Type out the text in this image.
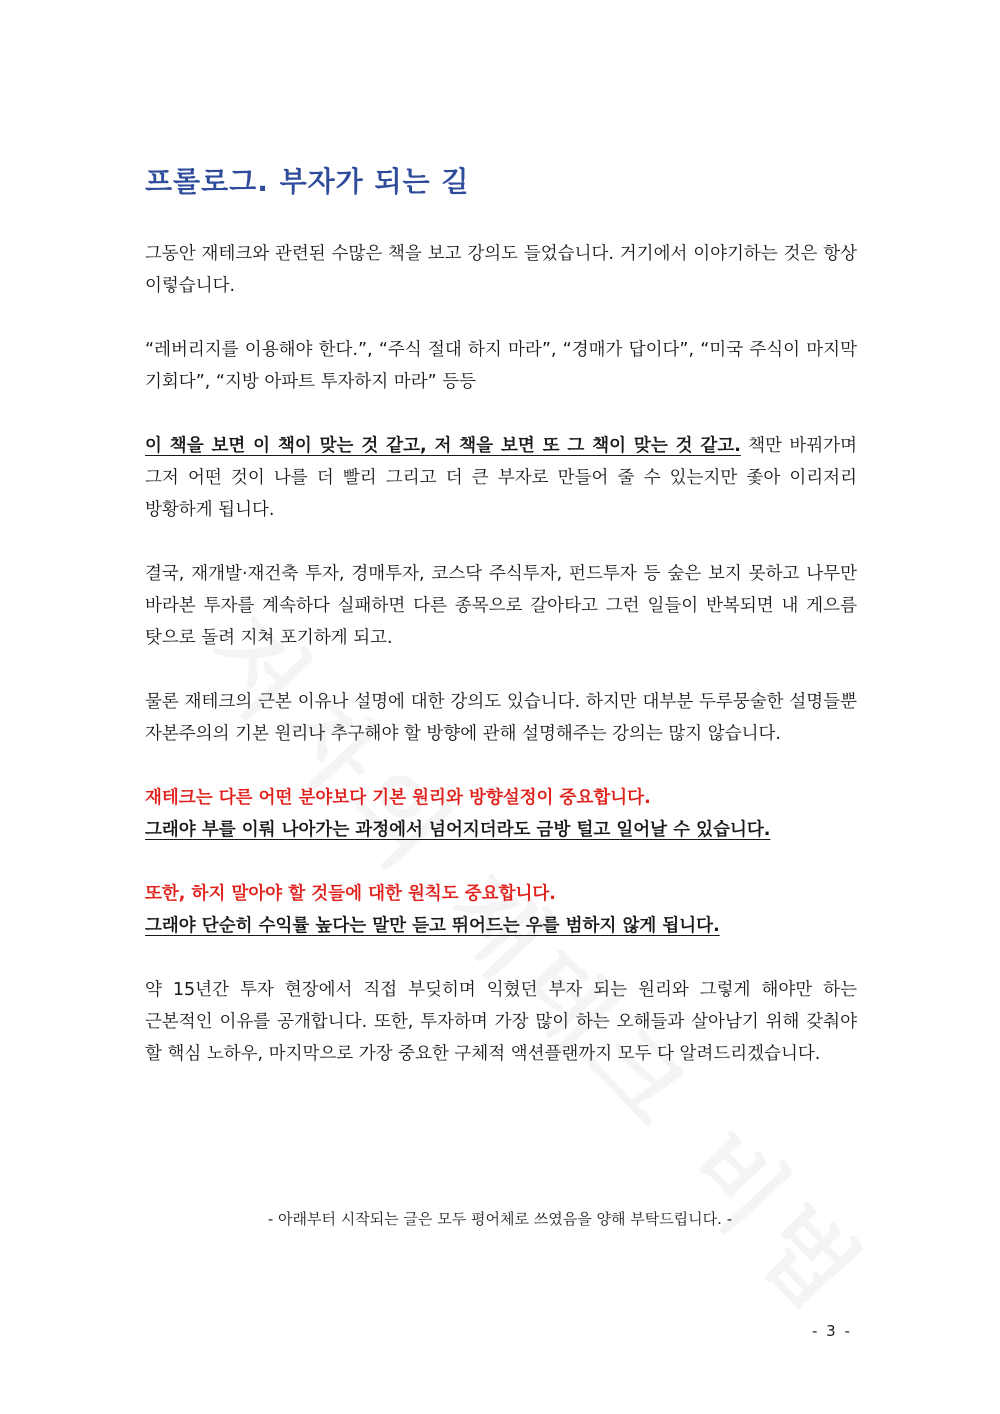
프롤로그. 부자가 되는 길

그동안 재테크와 관련된 수많은 책을 보고 강의도 들었습니다. 거기에서 이야기하는 것은 항상 이렇습니다.

“레버리지를 이용해야 한다.”, “주식 절대 하지 마라”, “경매가 답이다”, “미국 주식이 마지막 기회다”, “지방 아파트 투자하지 마라” 등등

이 책을 보면 이 책이 맞는 것 같고, 저 책을 보면 또 그 책이 맞는 것 같고. 책만 바꿔가며 그저 어떤 것이 나를 더 빨리 그리고 더 큰 부자로 만들어 줄 수 있는지만 좇아 이리저리 방황하게 됩니다.

결국, 재개발·재건축 투자, 경매투자, 코스닥 주식투자, 펀드투자 등 숲은 보지 못하고 나무만 바라본 투자를 계속하다 실패하면 다른 종목으로 갈아타고 그런 일들이 반복되면 내 게으름 탓으로 돌려 지쳐 포기하게 되고.

물론 재테크의 근본 이유나 설명에 대한 강의도 있습니다. 하지만 대부분 두루뭉술한 설명들뿐 자본주의의 기본 원리나 추구해야 할 방향에 관해 설명해주는 강의는 많지 않습니다.

재테크는 다른 어떤 분야보다 기본 원리와 방향설정이 중요합니다.
그래야 부를 이뤄 나아가는 과정에서 넘어지더라도 금방 털고 일어날 수 있습니다.

또한, 하지 말아야 할 것들에 대한 원칙도 중요합니다.
그래야 단순히 수익률 높다는 말만 듣고 뛰어드는 우를 범하지 않게 됩니다.

약 15년간 투자 현장에서 직접 부딪히며 익혔던 부자 되는 원리와 그렇게 해야만 하는 근본적인 이유를 공개합니다. 또한, 투자하며 가장 많이 하는 오해들과 살아남기 위해 갖춰야 할 핵심 노하우, 마지막으로 가장 중요한 구체적 액션플랜까지 모두 다 알려드리겠습니다.

- 아래부터 시작되는 글은 모두 평어체로 쓰였음을 양해 부탁드립니다. -
- 3 -
